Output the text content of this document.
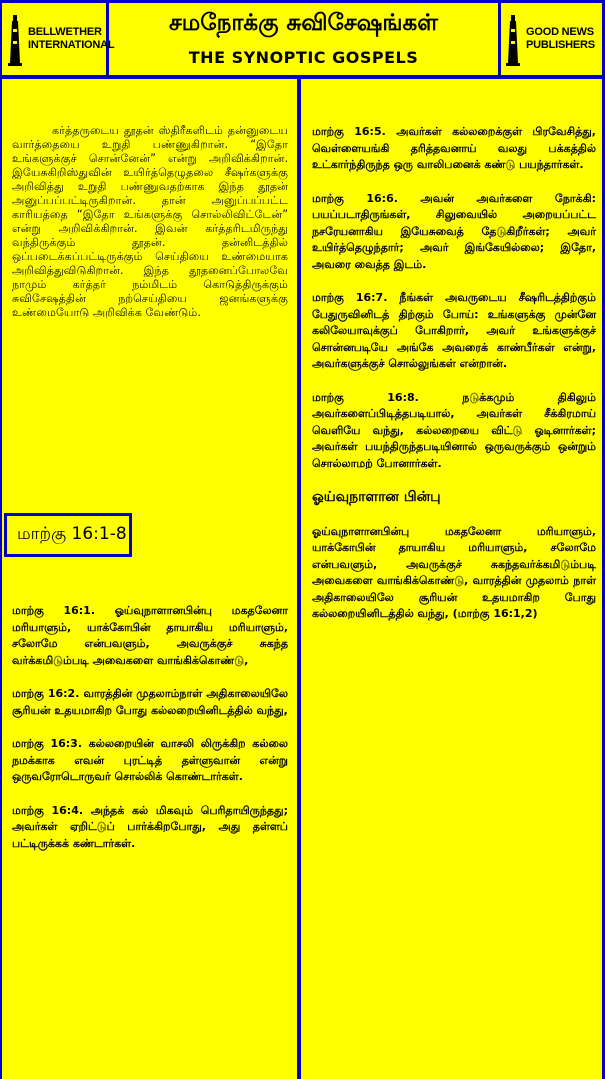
BELLWETHER
INTERNATIONAL
சமநோக்கு சுவிசேஷங்கள்
THE SYNOPTIC GOSPELS
GOOD NEWS
PUBLISHERS
கர்த்தருடைய தூதன் ஸ்திரீகளிடம் தன்னுடைய வார்த்தையை உறுதி பண்ணுகிறான். “இதோ உங்களுக்குச் சொன்னேன்” என்று அறிவிக்கிறான். இயேசுகிறிஸ்துவின் உயிர்த்தெழுதலை சீஷர்களுக்கு அறிவித்து உறுதி பண்ணுவதற்காக இந்த தூதன் அனுப்பப்பட்டிருகிறான். தான் அனுப்பப்பட்ட காரியத்தை “இதோ உங்களுக்கு சொல்லிவிட்டேன்” என்று அறிவிக்கிறான். இவன் கர்த்தரிடமிருந்து வந்திருக்கும் தூதன். தன்னிடத்தில் ஒப்படைக்கப்பட்டிருக்கும் செய்தியை உண்மையாக அறிவித்துவிடுகிறான். இந்த தூதனைப்போலவே நாமும் கர்த்தர் நம்மிடம் கொடுத்திருக்கும் சுவிசேஷத்தின் நற்செய்தியை ஜனங்களுக்கு உண்மையோடு அறிவிக்க வேண்டும்.
மாற்கு 16:1-8

மாற்கு 16:1. ஓய்வுநாளானபின்பு மகதலேனா மரியாளும், யாக்கோபின் தாயாகிய மரியாளும், சலோமே என்பவளும், அவருக்குச் சுகந்த வர்க்கமிடும்படி அவைகளை வாங்கிக்கொண்டு,

மாற்கு 16:2. வாரத்தின் முதலாம்நாள் அதிகாலையிலே சூரியன் உதயமாகிற போது கல்லறையினிடத்தில் வந்து,

மாற்கு 16:3. கல்லறையின் வாசலி லிருக்கிற கல்லை நமக்காக எவன் புரட்டித் தள்ளுவான் என்று ஒருவரோடொருவர் சொல்லிக் கொண்டார்கள்.

மாற்கு 16:4. அந்தக் கல் மிகவும் பெரிதாயிருந்தது; அவர்கள் ஏறிட்டுப் பார்க்கிறபோது, அது தள்ளப் பட்டிருக்கக் கண்டார்கள்.

மாற்கு 16:5. அவர்கள் கல்லறைக்குள் பிரவேசித்து, வெள்ளையங்கி தரித்தவனாய் வலது பக்கத்தில் உட்கார்ந்திருந்த ஒரு வாலிபனைக் கண்டு பயந்தார்கள்.

மாற்கு 16:6. அவன் அவர்களை நோக்கி: பயப்படாதிருங்கள், சிலுவையில் அறையப்பட்ட நசரேயனாகிய இயேசுவைத் தேடுகிறீர்கள்; அவர் உயிர்த்தெழுந்தார்; அவர் இங்கேயில்லை; இதோ, அவரை வைத்த இடம்.

மாற்கு 16:7. நீங்கள் அவருடைய சீஷரிடத்திற்கும் பேதுருவினிடத் திற்கும் போய்: உங்களுக்கு முன்னே கலிலேயாவுக்குப் போகிறார், அவர் உங்களுக்குச் சொன்னபடியே அங்கே அவரைக் காண்பீர்கள் என்று, அவர்களுக்குச் சொல்லுங்கள் என்றான்.

மாற்கு 16:8. நடுக்கமும் திகிலும் அவர்களைப்பிடித்தபடியால், அவர்கள் சீக்கிரமாய் வெளியே வந்து, கல்லறையை விட்டு ஓடினார்கள்; அவர்கள் பயந்திருந்தபடியினால் ஒருவருக்கும் ஒன்றும் சொல்லாமற் போனார்கள்.

ஓய்வுநாளான பின்பு

ஓய்வுநாளானபின்பு மகதலேனா மரியாளும், யாக்கோபின் தாயாகிய மரியாளும், சலோமே என்பவளும், அவருக்குச் சுகந்தவர்க்கமிடும்படி அவைகளை வாங்கிக்கொண்டு, வாரத்தின் முதலாம் நாள் அதிகாலையிலே சூரியன் உதயமாகிற போது கல்லறையினிடத்தில் வந்து, (மாற்கு 16:1,2)
